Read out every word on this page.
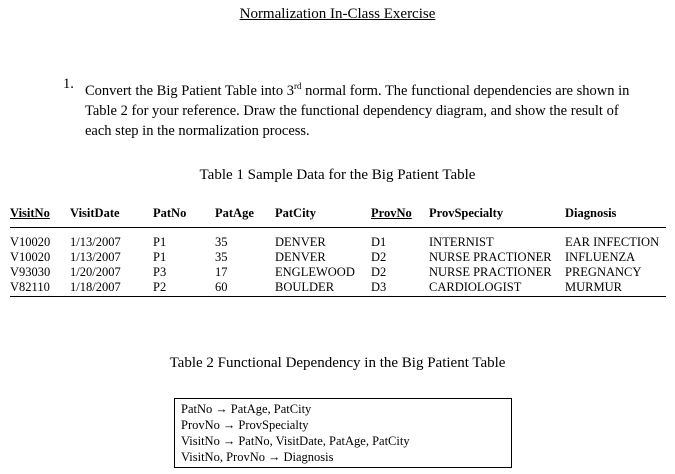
Normalization In-Class Exercise
1. Convert the Big Patient Table into 3rd normal form. The functional dependencies are shown in Table 2 for your reference. Draw the functional dependency diagram, and show the result of each step in the normalization process.
Table 1 Sample Data for the Big Patient Table
VisitNo	VisitDate	PatNo	PatAge	PatCity	ProvNo	ProvSpecialty	Diagnosis
V10020	1/13/2007	P1	35	DENVER	D1	INTERNIST	EAR INFECTION
V10020	1/13/2007	P1	35	DENVER	D2	NURSE PRACTIONER	INFLUENZA
V93030	1/20/2007	P3	17	ENGLEWOOD	D2	NURSE PRACTIONER	PREGNANCY
V82110	1/18/2007	P2	60	BOULDER	D3	CARDIOLOGIST	MURMUR
Table 2 Functional Dependency in the Big Patient Table
PatNo → PatAge, PatCity
ProvNo → ProvSpecialty
VisitNo → PatNo, VisitDate, PatAge, PatCity
VisitNo, ProvNo → Diagnosis
